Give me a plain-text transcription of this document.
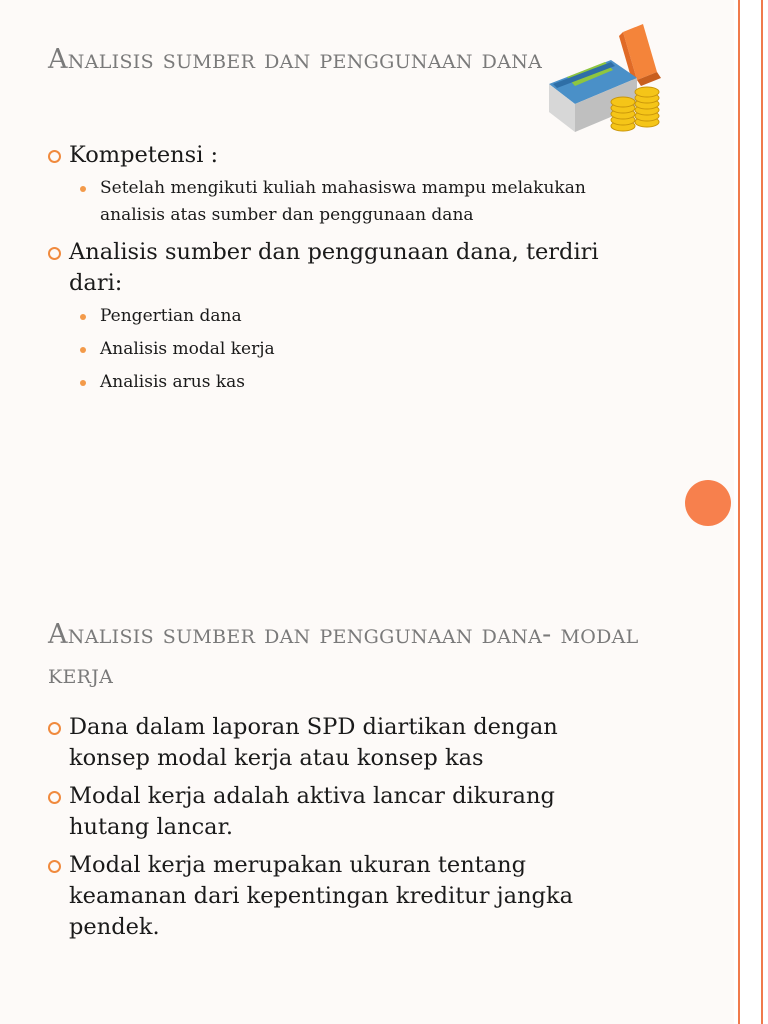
Analisis sumber dan penggunaan dana
Kompetensi :
Setelah mengikuti kuliah mahasiswa mampu melakukan analisis atas sumber dan penggunaan dana
Analisis sumber dan penggunaan dana, terdiri dari:
Pengertian dana
Analisis modal kerja
Analisis arus kas
Analisis sumber dan penggunaan dana- modal kerja
Dana dalam laporan SPD diartikan dengan konsep modal kerja atau konsep kas
Modal kerja adalah aktiva lancar dikurang hutang lancar.
Modal kerja merupakan ukuran tentang keamanan dari kepentingan kreditur jangka pendek.
